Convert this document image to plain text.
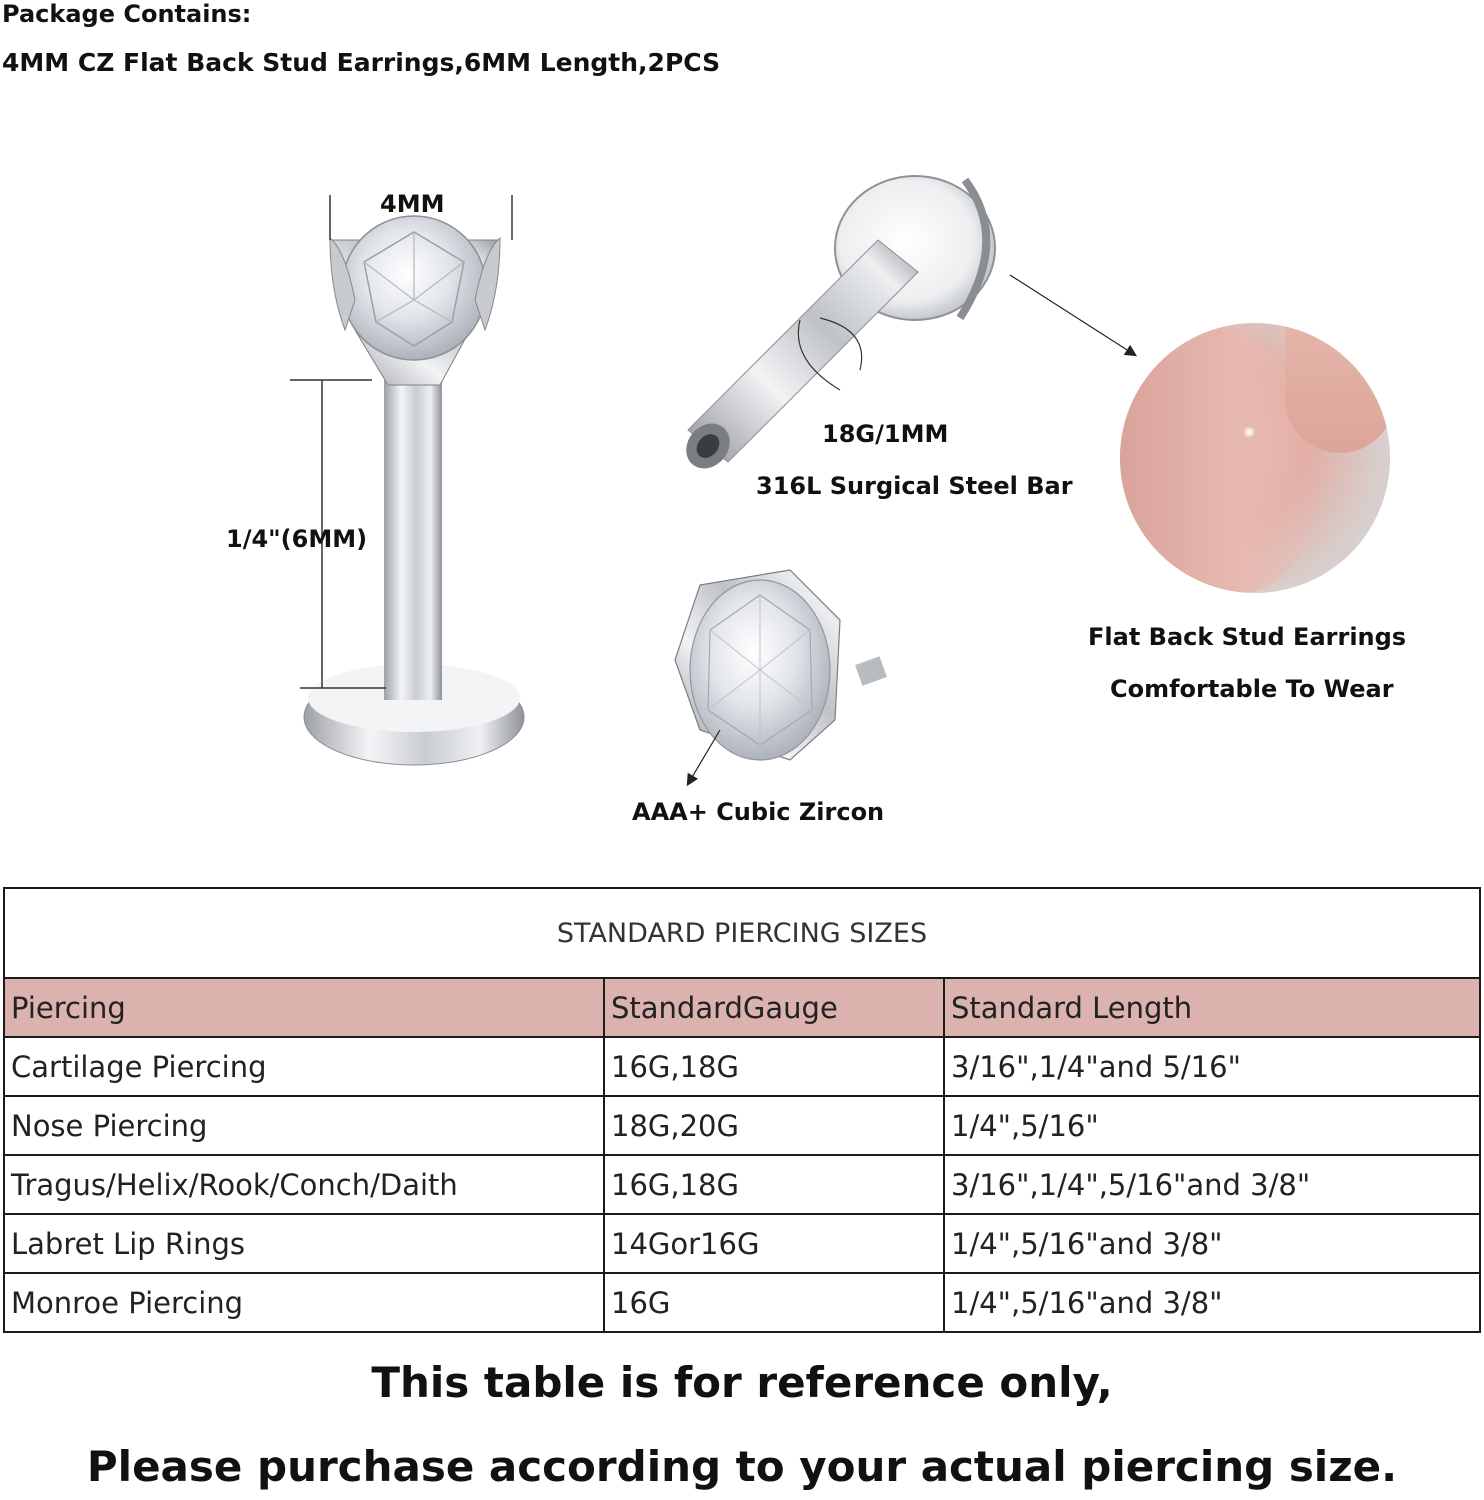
Package Contains:
4MM CZ Flat Back Stud Earrings,6MM Length,2PCS
4MM
1/4"(6MM)
18G/1MM
316L Surgical Steel Bar
AAA+ Cubic Zircon
Flat Back Stud Earrings
Comfortable To Wear
STANDARD PIERCING SIZES		
Piercing	StandardGauge	Standard Length
Cartilage Piercing	16G,18G	3/16",1/4"and 5/16"
Nose Piercing	18G,20G	1/4",5/16"
Tragus/Helix/Rook/Conch/Daith	16G,18G	3/16",1/4",5/16"and 3/8"
Labret Lip Rings	14Gor16G	1/4",5/16"and 3/8"
Monroe Piercing	16G	1/4",5/16"and 3/8"
This table is for reference only,
Please purchase according to your actual piercing size.
